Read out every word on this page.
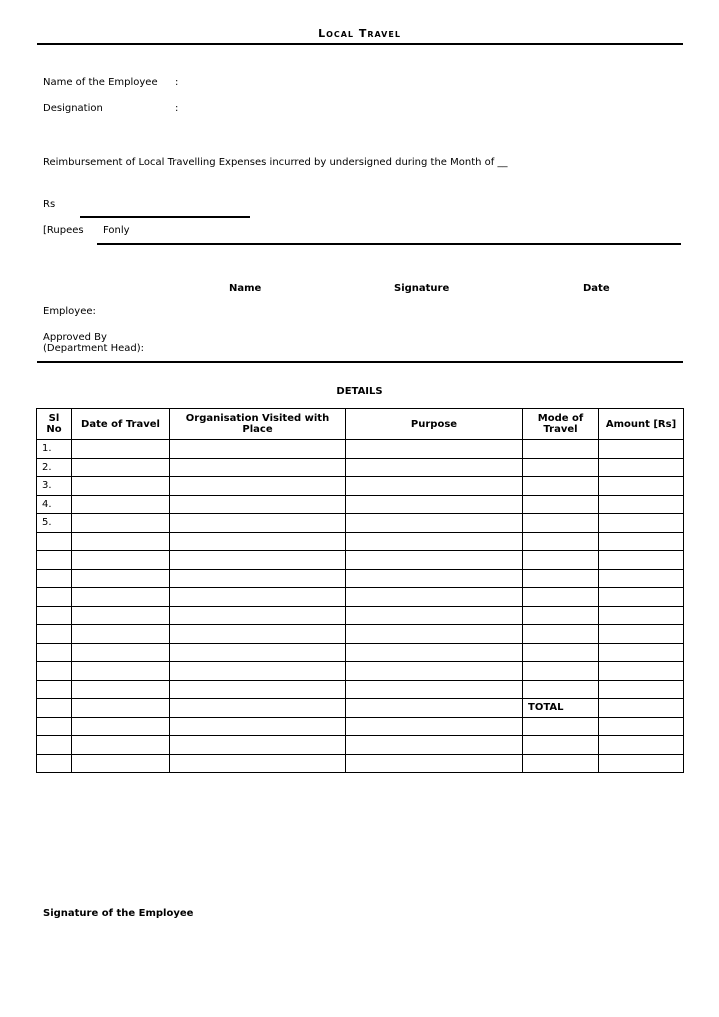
Local Travel
Name of the Employee :
Designation	:
Reimbursement of Local Travelling Expenses incurred by undersigned during the Month of __
Rs
[Rupees Fonly
Name	Signature	Date
Employee:
Approved By
(Department Head):
DETAILS
Sl No	Date of Travel	Organisation Visited with Place	Purpose	Mode of Travel	Amount [Rs]
1.					
2.					
3.					
4.					
5.					

				TOTAL	

Signature of the Employee
